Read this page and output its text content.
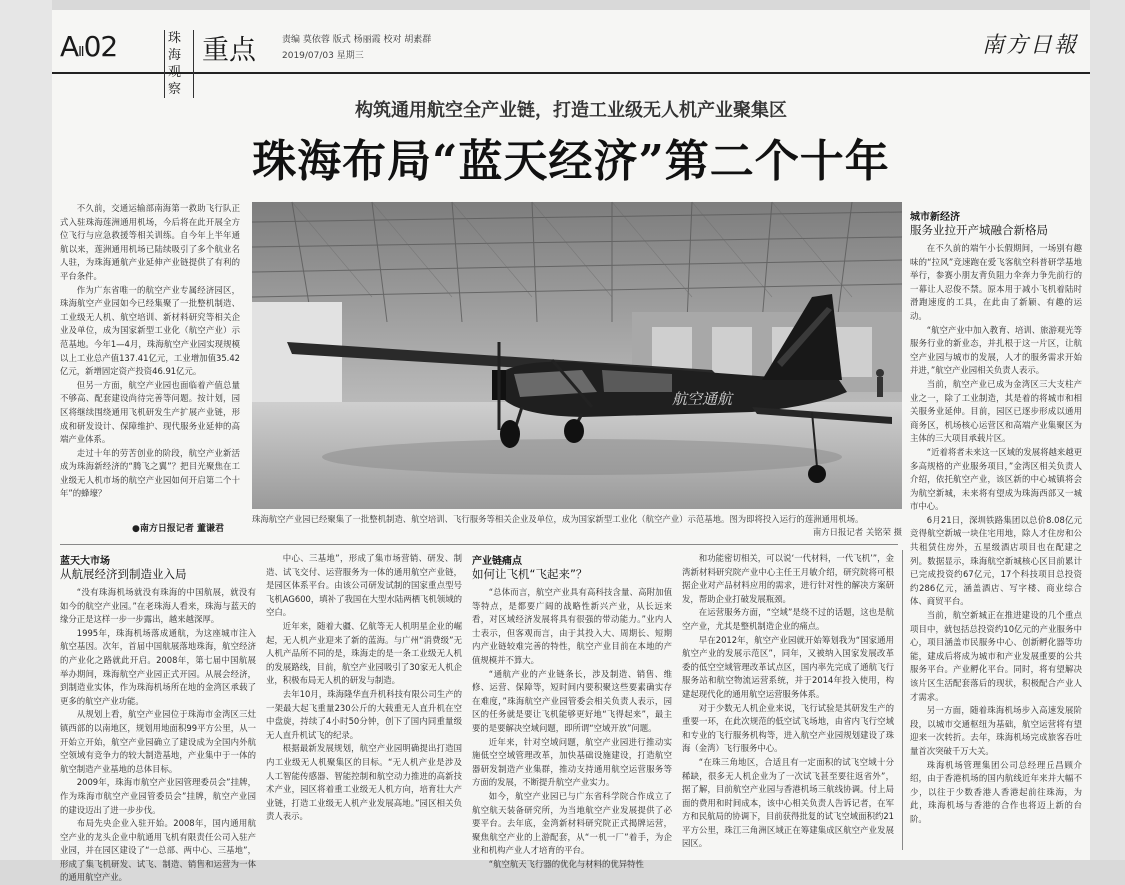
AⅡ02	珠海 观察
重点	责编 莫依蓉 版式 杨丽霞 校对 胡素群
2019/07/03 星期三	南方日報
构筑通用航空全产业链，打造工业级无人机产业聚集区
珠海布局“蓝天经济”第二个十年

不久前，交通运输部南海第一救助飞行队正式入驻珠海莲洲通用机场，今后将在此开展全方位飞行与应急救援等相关训练。自今年上半年通航以来，莲洲通用机场已陆续吸引了多个航业名人驻，为珠海通航产业延伸产业链提供了有利的平台条件。

作为广东省唯一的航空产业专属经济园区，珠海航空产业园如今已经集聚了一批整机制造、工业级无人机、航空培训、新材料研究等相关企业及单位，成为国家新型工业化（航空产业）示范基地。今年1—4月，珠海航空产业园实现规模以上工业总产值137.41亿元，工业增加值35.42亿元，新增固定资产投资46.91亿元。

但另一方面，航空产业园也面临着产值总量不够高、配套建设尚待完善等问题。按计划，园区将继续围绕通用飞机研发生产扩展产业链，形成和研发设计、保障维护、现代服务业延伸的高端产业体系。

走过十年的劳苦创业的阶段，航空产业新活成为珠海新经济的“腾飞之翼”？把目光聚焦在工业级无人机市场的航空产业园如何开启第二个十年”的蜂壕？

●南方日报记者 董谦君
航空通航
珠海航空产业园已经聚集了一批整机制造、航空培训、飞行服务等相关企业及单位，成为国家新型工业化（航空产业）示范基地。图为即将投入运行的莲洲通用机场。
南方日报记者 关铭荣 摄
城市新经济
服务业拉开产城融合新格局

在不久前的端午小长假期间，一场别有趣味的“拉风”竞速跑在爱飞客航空科普研学基地举行，参赛小朋友背负阻力伞奔力争先前行的一幕让人忍俊不禁。原本用于减小飞机着陆时滑跑速度的工具，在此由了新颖、有趣的运动。

“航空产业中加入教育、培训、旅游观光等服务行业的新业态，并扎根于这一片区，让航空产业园与城市的发展，人才的服务需求开始并进，”航空产业园相关负责人表示。

当前，航空产业已成为金湾区三大支柱产业之一，除了工业制造，其是着的将城市和相关服务业延伸。目前，园区已逐步形成以通用商务区，机场核心运营区和高端产业集聚区为主体的三大项目承载片区。

“近着将者未来这一区域的发展将越来越更多高规格的产业服务项目，”金湾区相关负责人介绍，依托航空产业，该区新的中心城镇将会为航空新城，未来将有望成为珠海西部又一城市中心。

6月21日，深圳铁路集团以总价8.08亿元竞得航空新城一块住宅用地，除人才住房和公共租赁住房外，五星级酒店项目也在配建之列。数据显示，珠海航空新城核心区目前累计已完成投资约67亿元，17个科技项目总投资约286亿元，涵盖酒店、写字楼、商业综合体、商贸平台。

当前，航空新城正在推进建设的几个重点项目中，就包括总投资约10亿元的产业服务中心，项目涵盖市民服务中心、创新孵化器等功能，建成后将成为城市和产业发展重要的公共服务平台。产业孵化平台。同时，将有望解决该片区生活配套落后的现状，积极配合产业人才需求。

另一方面，随着珠海机场步入高速发展阶段，以城市交通枢纽为基础，航空运营将有望迎来一次转折。去年，珠海机场完成旅客吞吐量首次突破千万大关。

珠海机场管理集团公司总经理丘昌顾介绍，由于香港机场的国内航线近年来并大幅不少，以往于少数香港人香港起前往珠海，为此，珠海机场与香港的合作也将迈上新的台阶。

蓝天大市场
从航展经济到制造业入局

“没有珠海机场就没有珠海的中国航展，就没有如今的航空产业园。”在老珠海人看来，珠海与蓝天的缘分正是这样一步一步露出，越来越深厚。

1995年，珠海机场落成通航，为这座城市注入航空基因。次年，首届中国航展落地珠海，航空经济的产业化之路就此开启。2008年，第七届中国航展举办期间，珠海航空产业园正式开园。从展会经济，到制造业实体，作为珠海机场所在地的金湾区承载了更多的航空产业功能。

从规划上看，航空产业园位于珠海市金湾区三灶镇西部的以南地区，规划用地面积99平方公里，从一开始立开始，航空产业园确立了建设成为全国内外航空领域有竞争力的较大制造基地，产业集中于一体的航空制造产业基地的总体目标。

2009年，珠海市航空产业园管理委员会”挂牌，作为珠海市航空产业园管委员会”挂牌，航空产业园的建设迈出了进一步步伐。

布局先央企业入驻开始。2008年，国内通用航空产业的龙头企业中航通用飞机有限责任公司入驻产业园，并在园区建设了“一总部、两中心、三基地”，形成了集飞机研发、试飞、制造、销售和运营为一体的通用航空产业。

中心、三基地”，形成了集市场营销、研发、制造、试飞交付、运营服务为一体的通用航空产业链，是园区体系平台。由该公司研发试制的国家重点型号飞机AG600，填补了我国在大型水陆两栖飞机领域的空白。

近年来，随着大疆、亿航等无人机明星企业的崛起，无人机产业迎来了新的蓝海。与广州“消费级”无人机产品所不同的是，珠海走的是一条工业级无人机的发展路线，目前，航空产业园吸引了30家无人机企业，积极布局无人机的研发与制造。

去年10月，珠海隆华直升机科技有限公司生产的一架最大起飞重量230公斤的大载重无人直升机在空中盘旋，持续了4小时50分钟，创下了国内同重量级无人直升机试飞的纪录。

根据最新发展规划，航空产业园明确提出打造国内工业级无人机聚集区的目标。“无人机产业是涉及人工智能传感器、智能控制和航空动力推进的高新技术产业，园区将着重工业级无人机方向，培育壮大产业链，打造工业级无人机产业发展高地。”园区相关负责人表示。

产业链痛点
如何让飞机“飞起来”？

“总体而言，航空产业具有高科技含量、高附加值等特点，是都要广阔的战略性新兴产业，从长远来看，对区域经济发展将具有很强的带动能力。”业内人士表示，但客观而言，由于其投入大、周期长、短期内产业链较难完善的特性，航空产业目前在本地的产值规模并不算大。

“通航产业的产业链条长，涉及制造、销售、维修、运营、保障等，短时间内要积聚这些要素确实存在难度，”珠海航空产业园管委会相关负责人表示，园区的任务就是要让飞机能够更好地“飞得起来”，最主要的是要解决空域问题，即所谓“空域开放”问题。

近年来，针对空域问题，航空产业园进行推动实施低空空域管理改革，加快基础设施建设，打造航空器研发制造产业集群，推动支持通用航空运营服务等方面的发展，不断提升航空产业实力。

如今，航空产业园已与广东省科学院合作成立了航空航天装备研究所，为当地航空产业发展提供了必要平台。去年底，金湾新材料研究院正式揭牌运营，聚焦航空产业的上游配套，从“一机一厂”着手，为企业和机构产业人才培育的平台。

“航空航天飞行器的优化与材料的优异特性

和功能密切相关，可以说‘一代材料，一代飞机’”，金湾新材料研究院产业中心主任王月敏介绍，研究院将可根据企业对产品材料应用的需求，进行针对性的解决方案研发，帮助企业打破发展瓶颈。

在运营服务方面，“空域”是绕不过的话题，这也是航空产业，尤其是整机制造企业的痛点。

早在2012年，航空产业园就开始筹划我为“国家通用航空产业的发展示范区”，同年，又被纳入国家发展改革委的低空空域管理改革试点区，国内率先完成了通航飞行服务站和航空物流运营系统，并于2014年投入使用，构建起现代化的通用航空运营服务体系。

对于少数无人机企业来说，飞行试验是其研发生产的重要一环，在此次规范的低空试飞场地，由省内飞行空域和专业的飞行服务机构等，进入航空产业园规划建设了珠海（金湾）飞行服务中心。

“在珠三角地区，合适且有一定面积的试飞空域十分稀缺，很多无人机企业为了一次试飞甚至要往返省外”，据了解，目前航空产业园与香港机场三航线协调。付上局面的费用和时间成本，该中心相关负责人告诉记者，在军方和民航局的协调下，目前获得批复的试飞空域面积约21平方公里，珠江三角洲区域正在筹建集成区航空产业发展园区。
